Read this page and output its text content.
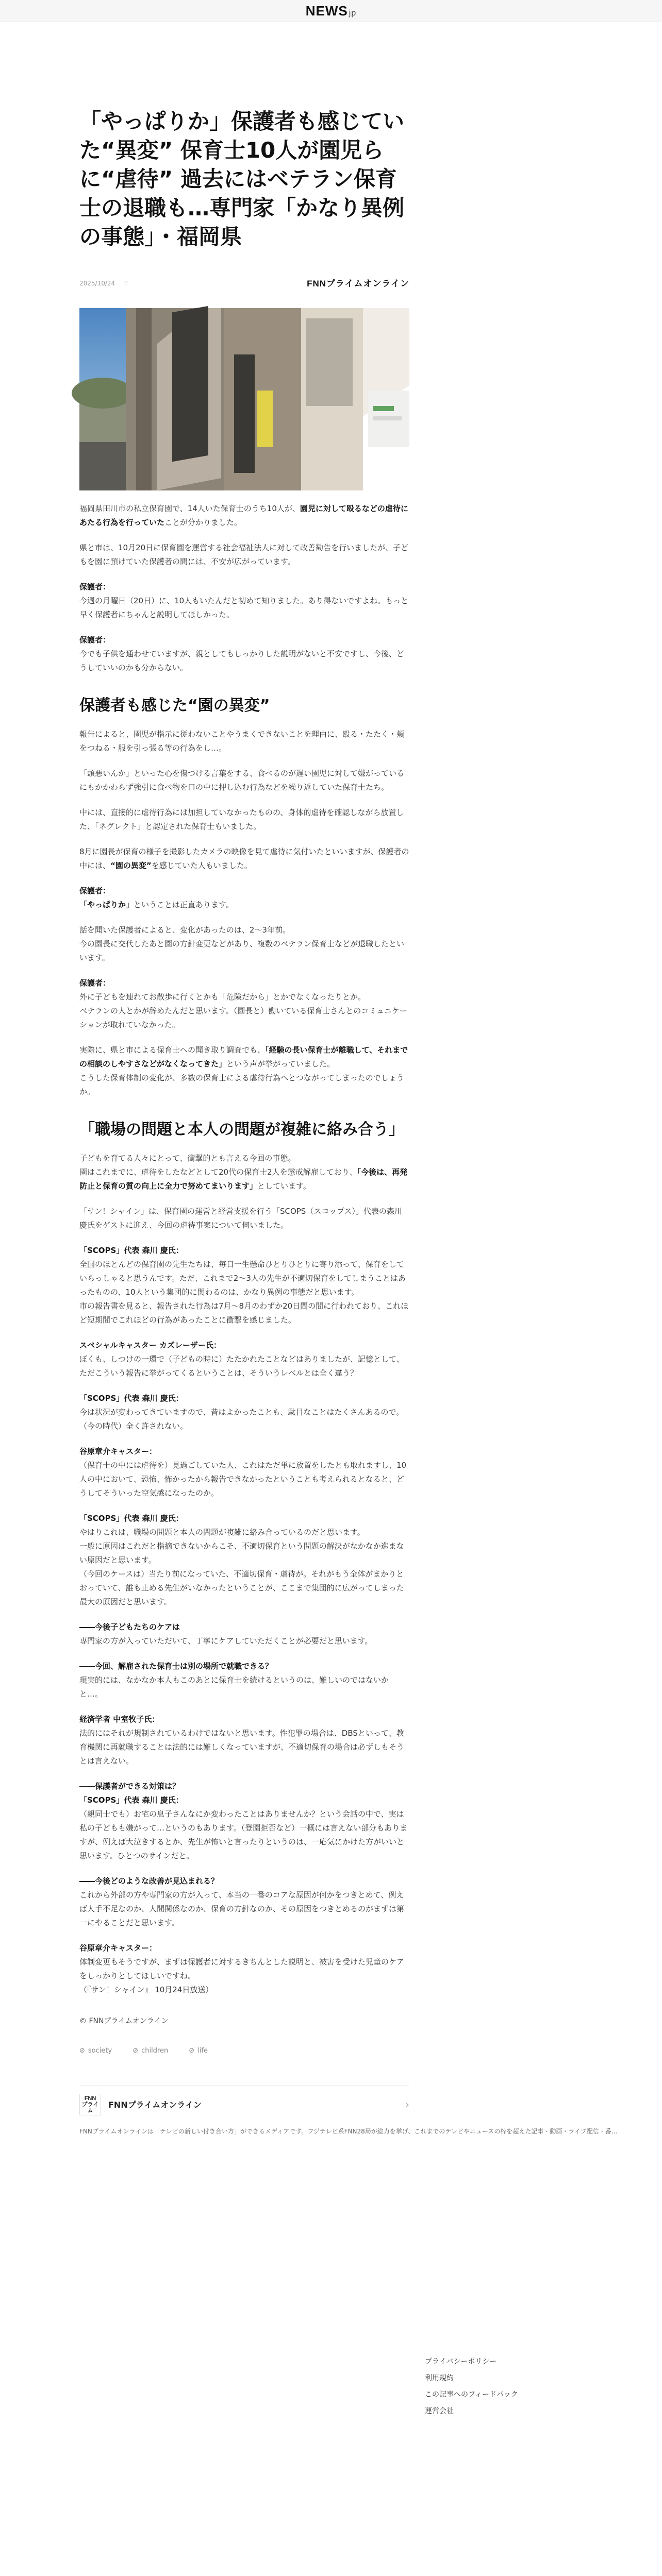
NEWS jp
「やっぱりか」保護者も感じていた“異変” 保育士10人が園児らに“虐待” 過去にはベテラン保育士の退職も…専門家「かなり異例の事態」・福岡県
2025/10/24 ♡	FNNプライムオンライン

福岡県田川市の私立保育園で、14人いた保育士のうち10人が、園児に対して殴るなどの虐待にあたる行為を行っていたことが分かりました。

県と市は、10月20日に保育園を運営する社会福祉法人に対して改善勧告を行いましたが、子どもを園に預けていた保護者の間には、不安が広がっています。

保護者：
今週の月曜日（20日）に、10人もいたんだと初めて知りました。あり得ないですよね。もっと早く保護者にちゃんと説明してほしかった。

保護者：
今でも子供を通わせていますが、親としてもしっかりした説明がないと不安ですし、今後、どうしていいのかも分からない。

保護者も感じた“園の異変”

報告によると、園児が指示に従わないことやうまくできないことを理由に、殴る・たたく・頬をつねる・服を引っ張る等の行為をし…。

「頭悪いんか」といった心を傷つける言葉をする、食べるのが遅い園児に対して嫌がっているにもかかわらず強引に食べ物を口の中に押し込む行為などを繰り返していた保育士たち。

中には、直接的に虐待行為には加担していなかったものの、身体的虐待を確認しながら放置した、「ネグレクト」と認定された保育士もいました。

8月に園長が保育の様子を撮影したカメラの映像を見て虐待に気付いたといいますが、保護者の中には、“園の異変”を感じていた人もいました。

保護者：
「やっぱりか」ということは正直あります。

話を聞いた保護者によると、変化があったのは、2～3年前。
今の園長に交代したあと園の方針変更などがあり、複数のベテラン保育士などが退職したといいます。

保護者：
外に子どもを連れてお散歩に行くとかも「危険だから」とかでなくなったりとか。
ベテランの人とかが辞めたんだと思います。（園長と）働いている保育士さんとのコミュニケーションが取れていなかった。

実際に、県と市による保育士への聞き取り調査でも、「経験の長い保育士が離職して、それまでの相談のしやすさなどがなくなってきた」という声が挙がっていました。
こうした保育体制の変化が、多数の保育士による虐待行為へとつながってしまったのでしょうか。

「職場の問題と本人の問題が複雑に絡み合う」

子どもを育てる人々にとって、衝撃的とも言える今回の事態。
園はこれまでに、虐待をしたなどとして20代の保育士2人を懲戒解雇しており、「今後は、再発防止と保育の質の向上に全力で努めてまいります」としています。

「サン！シャイン」は、保育園の運営と経営支援を行う「SCOPS（スコップス）」代表の森川 慶氏をゲストに迎え、今回の虐待事案について伺いました。

「SCOPS」代表 森川 慶氏：
全国のほとんどの保育園の先生たちは、毎日一生懸命ひとりひとりに寄り添って、保育をしていらっしゃると思うんです。ただ、これまで2～3人の先生が不適切保育をしてしまうことはあったものの、10人という集団的に関わるのは、かなり異例の事態だと思います。
市の報告書を見ると、報告された行為は7月～8月のわずか20日間の間に行われており、これほど短期間でこれほどの行為があったことに衝撃を感じました。

スペシャルキャスター カズレーザー氏：
ぼくも、しつけの一環で（子どもの時に）たたかれたことなどはありましたが、記憶として、ただこういう報告に挙がってくるということは、そういうレベルとは全く違う？

「SCOPS」代表 森川 慶氏：
今は状況が変わってきていますので、昔はよかったことも、駄目なことはたくさんあるので。（今の時代）全く許されない。

谷原章介キャスター：
（保育士の中には虐待を）見過ごしていた人、これはただ単に放置をしたとも取れますし、10人の中において、恐怖、怖かったから報告できなかったということも考えられるとなると、どうしてそういった空気感になったのか。

「SCOPS」代表 森川 慶氏：
やはりこれは、職場の問題と本人の問題が複雑に絡み合っているのだと思います。
一般に原因はこれだと指摘できないからこそ、不適切保育という問題の解決がなかなか進まない原因だと思います。
（今回のケースは）当たり前になっていた、不適切保育・虐待が。それがもう全体がまかりとおっていて、誰も止める先生がいなかったということが、ここまで集団的に広がってしまった最大の原因だと思います。

――今後子どもたちのケアは
専門家の方が入っていただいて、丁寧にケアしていただくことが必要だと思います。

――今回、解雇された保育士は別の場所で就職できる？
現実的には、なかなか本人もこのあとに保育士を続けるというのは、難しいのではないかと…。

経済学者 中室牧子氏：
法的にはそれが規制されているわけではないと思います。性犯罪の場合は、DBSといって、教育機関に再就職することは法的には難しくなっていますが、不適切保育の場合は必ずしもそうとは言えない。

――保護者ができる対策は？
「SCOPS」代表 森川 慶氏：
（親同士でも）お宅の息子さんなにか変わったことはありませんか？という会話の中で、実は私の子どもも嫌がって…というのもあります。（登園拒否など）一概には言えない部分もありますが、例えば大泣きするとか、先生が怖いと言ったりというのは、一応気にかけた方がいいと思います。ひとつのサインだと。

――今後どのような改善が見込まれる？
これから外部の方や専門家の方が入って、本当の一番のコアな原因が何かをつきとめて、例えば人手不足なのか、人間関係なのか、保育の方針なのか、その原因をつきとめるのがまずは第一にやることだと思います。

谷原章介キャスター：
体制変更もそうですが、まずは保護者に対するきちんとした説明と、被害を受けた児童のケアをしっかりとしてほしいですね。
（『サン！シャイン』 10月24日放送）

© FNNプライムオンライン
⊘ society	⊘ children	⊘ life
FNN
プライム
FNNプライムオンライン	›
FNNプライムオンラインは「テレビの新しい付き合い方」ができるメディアです。フジテレビ系FNN28局が総力を挙げ、これまでのテレビやニュースの枠を超えた記事・動画・ライブ配信・番...
プライバシーポリシー
利用規約
この記事へのフィードバック
運営会社
